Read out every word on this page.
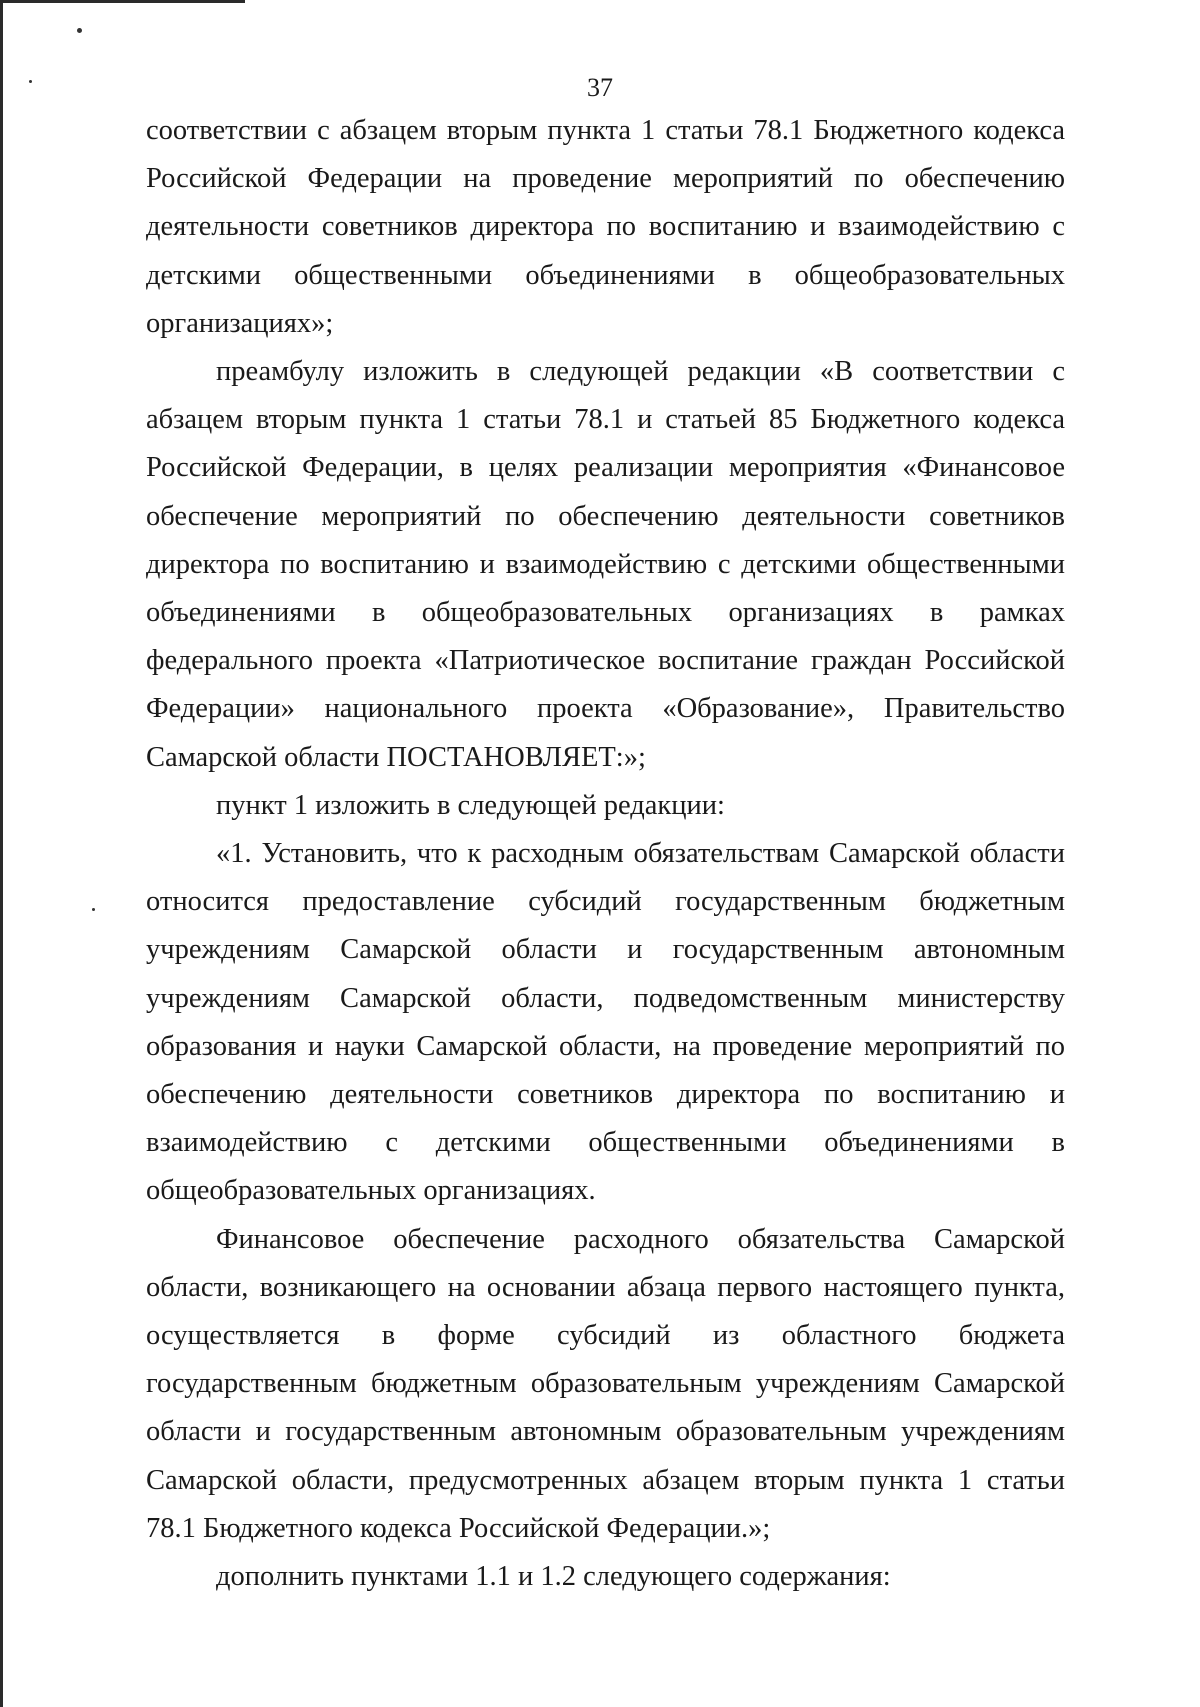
37

соответствии с абзацем вторым пункта 1 статьи 78.1 Бюджетного кодекса Российской Федерации на проведение мероприятий по обеспечению деятельности советников директора по воспитанию и взаимодействию с детскими общественными объединениями в общеобразовательных организациях»;

преамбулу изложить в следующей редакции «В соответствии с абзацем вторым пункта 1 статьи 78.1 и статьей 85 Бюджетного кодекса Российской Федерации, в целях реализации мероприятия «Финансовое обеспечение мероприятий по обеспечению деятельности советников директора по воспитанию и взаимодействию с детскими общественными объединениями в общеобразовательных организациях в рамках федерального проекта «Патриотическое воспитание граждан Российской Федерации» национального проекта «Образование», Правительство Самарской области ПОСТАНОВЛЯЕТ:»;

пункт 1 изложить в следующей редакции:

«1. Установить, что к расходным обязательствам Самарской области относится предоставление субсидий государственным бюджетным учреждениям Самарской области и государственным автономным учреждениям Самарской области, подведомственным министерству образования и науки Самарской области, на проведение мероприятий по обеспечению деятельности советников директора по воспитанию и взаимодействию с детскими общественными объединениями в общеобразовательных организациях.

Финансовое обеспечение расходного обязательства Самарской области, возникающего на основании абзаца первого настоящего пункта, осуществляется в форме субсидий из областного бюджета государственным бюджетным образовательным учреждениям Самарской области и государственным автономным образовательным учреждениям Самарской области, предусмотренных абзацем вторым пункта 1 статьи 78.1 Бюджетного кодекса Российской Федерации.»;

дополнить пунктами 1.1 и 1.2 следующего содержания:
